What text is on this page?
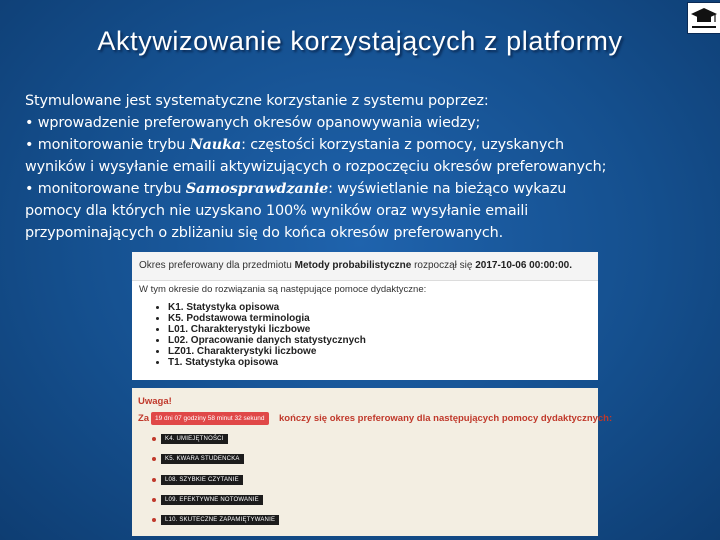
Aktywizowanie korzystających z platformy

Stymulowane jest systematyczne korzystanie z systemu poprzez:

• wprowadzenie preferowanych okresów opanowywania wiedzy;

• monitorowanie trybu Nauka: częstości korzystania z pomocy, uzyskanych

wyników i wysyłanie emaili aktywizujących o rozpoczęciu okresów preferowanych;

• monitorowane trybu Samosprawdzanie: wyświetlanie na bieżąco wykazu

pomocy dla których nie uzyskano 100% wyników oraz wysyłanie emaili

przypominających o zbliżaniu się do końca okresów preferowanych.

Okres preferowany dla przedmiotu Metody probabilistyczne rozpoczął się 2017-10-06 00:00:00.
W tym okresie do rozwiązania są następujące pomoce dydaktyczne:
• K1. Statystyka opisowa
• K5. Podstawowa terminologia
• L01. Charakterystyki liczbowe
• L02. Opracowanie danych statystycznych
• LZ01. Charakterystyki liczbowe
• T1. Statystyka opisowa
Uwaga!
Za 19 dni 07 godziny 58 minut 32 sekund	kończy się okres preferowany dla następujących pomocy dydaktycznych:
K4. UMIEJĘTNOŚCI
K5. KWARA STUDENCKA
L08. SZYBKIE CZYTANIE
L09. EFEKTYWNE NOTOWANIE
L10. SKUTECZNE ZAPAMIĘTYWANIE
